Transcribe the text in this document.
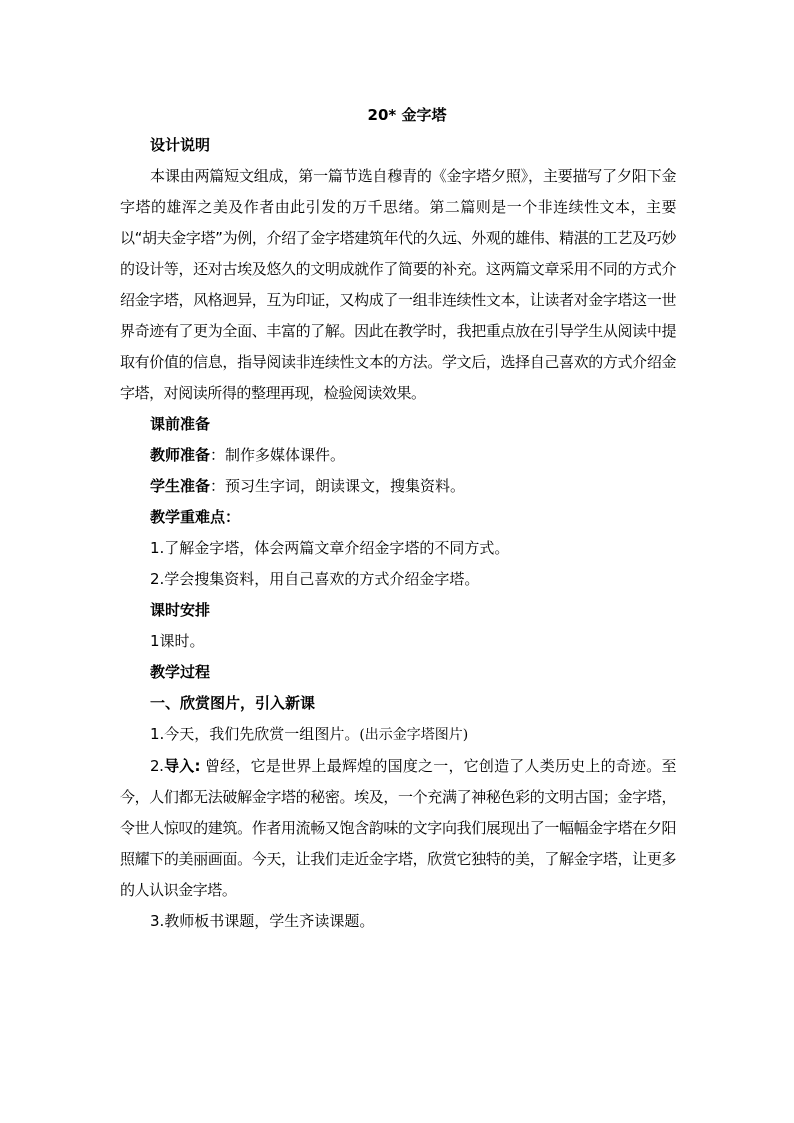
20* 金字塔

设计说明

本课由两篇短文组成，第一篇节选自穆青的《金字塔夕照》，主要描写了夕阳下金字塔的雄浑之美及作者由此引发的万千思绪。第二篇则是一个非连续性文本，主要以“胡夫金字塔”为例，介绍了金字塔建筑年代的久远、外观的雄伟、精湛的工艺及巧妙的设计等，还对古埃及悠久的文明成就作了简要的补充。这两篇文章采用不同的方式介绍金字塔，风格迥异，互为印证，又构成了一组非连续性文本，让读者对金字塔这一世界奇迹有了更为全面、丰富的了解。因此在教学时，我把重点放在引导学生从阅读中提取有价值的信息，指导阅读非连续性文本的方法。学文后，选择自己喜欢的方式介绍金字塔，对阅读所得的整理再现，检验阅读效果。

课前准备

教师准备：制作多媒体课件。

学生准备：预习生字词，朗读课文，搜集资料。

教学重难点：

1.了解金字塔，体会两篇文章介绍金字塔的不同方式。

2.学会搜集资料，用自己喜欢的方式介绍金字塔。

课时安排

1课时。

教学过程

一、欣赏图片，引入新课

1.今天，我们先欣赏一组图片。(出示金字塔图片)

2.导入: 曾经，它是世界上最辉煌的国度之一，它创造了人类历史上的奇迹。至今，人们都无法破解金字塔的秘密。埃及，一个充满了神秘色彩的文明古国；金字塔，令世人惊叹的建筑。作者用流畅又饱含韵味的文字向我们展现出了一幅幅金字塔在夕阳照耀下的美丽画面。今天，让我们走近金字塔，欣赏它独特的美，了解金字塔，让更多的人认识金字塔。

3.教师板书课题，学生齐读课题。
